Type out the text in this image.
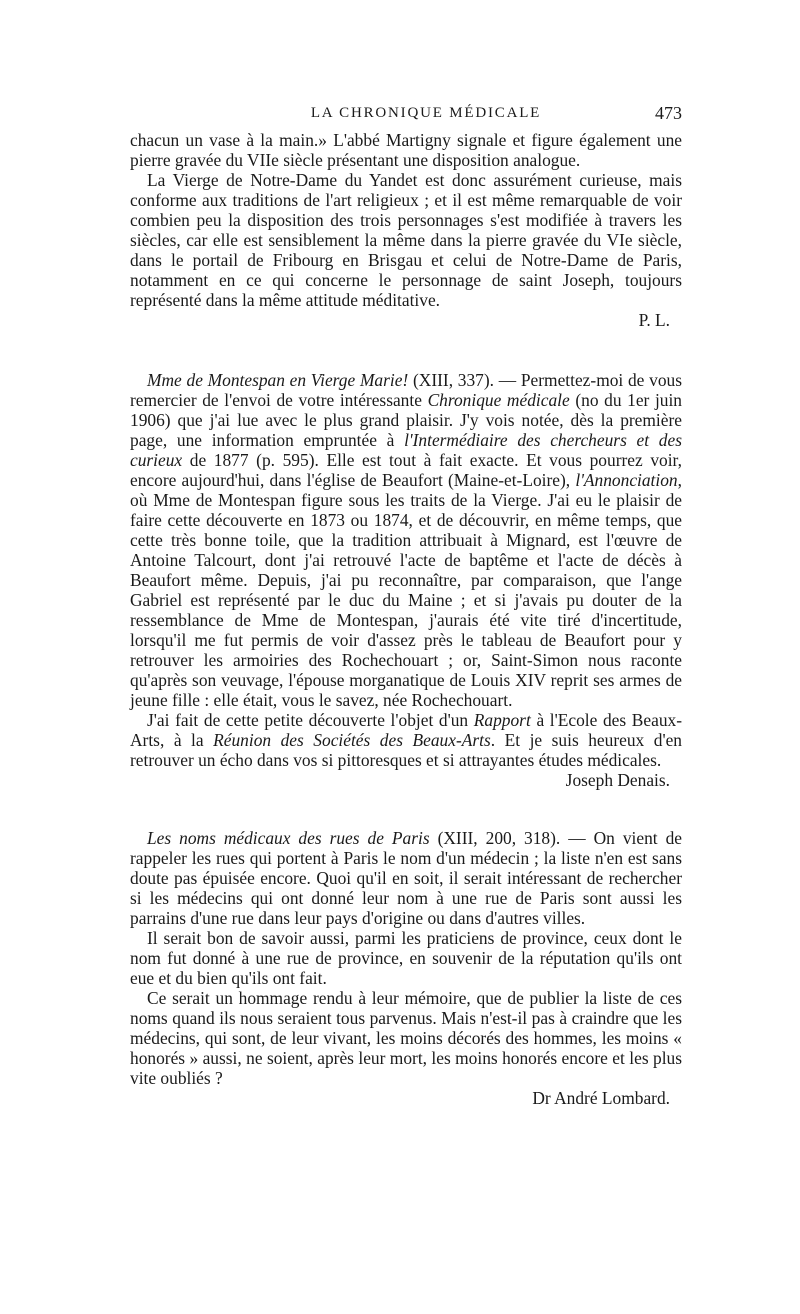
LA CHRONIQUE MÉDICALE	473

chacun un vase à la main.» L'abbé Martigny signale et figure également une pierre gravée du VIIe siècle présentant une disposition analogue.

La Vierge de Notre-Dame du Yandet est donc assurément curieuse, mais conforme aux traditions de l'art religieux ; et il est même remarquable de voir combien peu la disposition des trois personnages s'est modifiée à travers les siècles, car elle est sensiblement la même dans la pierre gravée du VIe siècle, dans le portail de Fribourg en Brisgau et celui de Notre-Dame de Paris, notamment en ce qui concerne le personnage de saint Joseph, toujours représenté dans la même attitude méditative.

P. L.

Mme de Montespan en Vierge Marie! (XIII, 337). — Permettez-moi de vous remercier de l'envoi de votre intéressante Chronique médicale (no du 1er juin 1906) que j'ai lue avec le plus grand plaisir. J'y vois notée, dès la première page, une information empruntée à l'Intermédiaire des chercheurs et des curieux de 1877 (p. 595). Elle est tout à fait exacte. Et vous pourrez voir, encore aujourd'hui, dans l'église de Beaufort (Maine-et-Loire), l'Annonciation, où Mme de Montespan figure sous les traits de la Vierge. J'ai eu le plaisir de faire cette découverte en 1873 ou 1874, et de découvrir, en même temps, que cette très bonne toile, que la tradition attribuait à Mignard, est l'œuvre de Antoine Talcourt, dont j'ai retrouvé l'acte de baptême et l'acte de décès à Beaufort même. Depuis, j'ai pu reconnaître, par comparaison, que l'ange Gabriel est représenté par le duc du Maine ; et si j'avais pu douter de la ressemblance de Mme de Montespan, j'aurais été vite tiré d'incertitude, lorsqu'il me fut permis de voir d'assez près le tableau de Beaufort pour y retrouver les armoiries des Rochechouart ; or, Saint-Simon nous raconte qu'après son veuvage, l'épouse morganatique de Louis XIV reprit ses armes de jeune fille : elle était, vous le savez, née Rochechouart.

J'ai fait de cette petite découverte l'objet d'un Rapport à l'Ecole des Beaux-Arts, à la Réunion des Sociétés des Beaux-Arts. Et je suis heureux d'en retrouver un écho dans vos si pittoresques et si attrayantes études médicales.

Joseph Denais.

Les noms médicaux des rues de Paris (XIII, 200, 318). — On vient de rappeler les rues qui portent à Paris le nom d'un médecin ; la liste n'en est sans doute pas épuisée encore. Quoi qu'il en soit, il serait intéressant de rechercher si les médecins qui ont donné leur nom à une rue de Paris sont aussi les parrains d'une rue dans leur pays d'origine ou dans d'autres villes.

Il serait bon de savoir aussi, parmi les praticiens de province, ceux dont le nom fut donné à une rue de province, en souvenir de la réputation qu'ils ont eue et du bien qu'ils ont fait.

Ce serait un hommage rendu à leur mémoire, que de publier la liste de ces noms quand ils nous seraient tous parvenus. Mais n'est-il pas à craindre que les médecins, qui sont, de leur vivant, les moins décorés des hommes, les moins « honorés » aussi, ne soient, après leur mort, les moins honorés encore et les plus vite oubliés ?

Dr André Lombard.
